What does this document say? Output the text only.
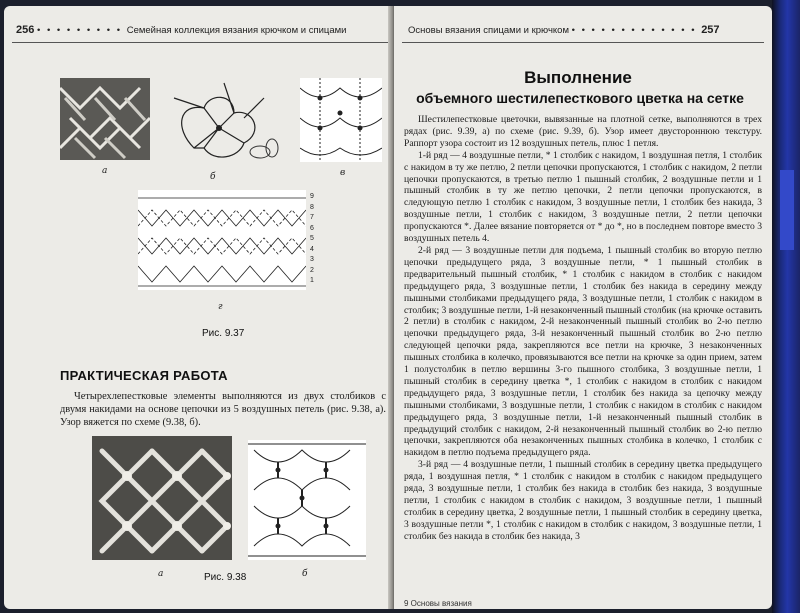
256 • • • • • • • • • Семейная коллекция вязания крючком и спицами
а
б	в
9
8
7
6
5
4
3
2
1
г
Рис. 9.37
ПРАКТИЧЕСКАЯ РАБОТА

Четырехлепестковые элементы выполняются из двух столбиков с двумя накидами на основе цепочки из 5 воздушных петель (рис. 9.38, а). Узор вяжется по схеме (9.38, б).

а	б
Рис. 9.38
Основы вязания спицами и крючком • • • • • • • • • • • • • 257
Выполнение
объемного шестилепесткового цветка на сетке

Шестилепестковые цветочки, вывязанные на плотной сетке, выполняются в трех рядах (рис. 9.39, а) по схеме (рис. 9.39, б). Узор имеет двустороннюю текстуру. Раппорт узора состоит из 12 воздушных петель, плюс 1 петля.

1-й ряд — 4 воздушные петли, * 1 столбик с накидом, 1 воздушная петля, 1 столбик с накидом в ту же петлю, 2 петли цепочки пропускаются, 1 столбик с накидом, 2 петли цепочки пропускаются, в третью петлю 1 пышный столбик, 2 воздушные петли и 1 пышный столбик в ту же петлю цепочки, 2 петли цепочки пропускаются, в следующую петлю 1 столбик с накидом, 3 воздушные петли, 1 столбик без накида, 3 воздушные петли, 1 столбик с накидом, 3 воздушные петли, 2 петли цепочки пропускаются *. Далее вязание повторяется от * до *, но в последнем повторе вместо 3 воздушных петель 4.

2-й ряд — 3 воздушные петли для подъема, 1 пышный столбик во вторую петлю цепочки предыдущего ряда, 3 воздушные петли, * 1 пышный столбик в предварительный пышный столбик, * 1 столбик с накидом в столбик с накидом предыдущего ряда, 3 воздушные петли, 1 столбик без накида в середину между пышными столбиками предыдущего ряда, 3 воздушные петли, 1 столбик с накидом в столбик; 3 воздушные петли, 1-й незаконченный пышный столбик (на крючке оставить 2 петли) в столбик с накидом, 2-й незаконченный пышный столбик во 2-ю петлю цепочки предыдущего ряда, 3-й незаконченный пышный столбик во 2-ю петлю следующей цепочки ряда, закрепляются все петли на крючке, 3 незаконченных пышных столбика в колечко, провязываются все петли на крючке за один прием, затем 1 полустолбик в петлю вершины 3-го пышного столбика, 3 воздушные петли, 1 пышный столбик в середину цветка *, 1 столбик с накидом в столбик с накидом предыдущего ряда, 3 воздушные петли, 1 столбик без накида за цепочку между пышными столбиками, 3 воздушные петли, 1 столбик с накидом в столбик с накидом предыдущего ряда, 3 воздушные петли, 1-й незаконченный пышный столбик в предыдущий столбик с накидом, 2-й незаконченный пышный столбик во 2-ю петлю цепочки, закрепляются оба незаконченных пышных столбика в колечко, 1 столбик с накидом в петлю подъема предыдущего ряда.

3-й ряд — 4 воздушные петли, 1 пышный столбик в середину цветка предыдущего ряда, 1 воздушная петля, * 1 столбик с накидом в столбик с накидом предыдущего ряда, 3 воздушные петли, 1 столбик без накида в столбик без накида, 3 воздушные петли, 1 столбик с накидом в столбик с накидом, 3 воздушные петли, 1 пышный столбик в середину цветка, 2 воздушные петли, 1 пышный столбик в середину цветка, 3 воздушные петли *, 1 столбик с накидом в столбик с накидом, 3 воздушные петли, 1 столбик без накида в столбик без накида, 3

9 Основы вязания
